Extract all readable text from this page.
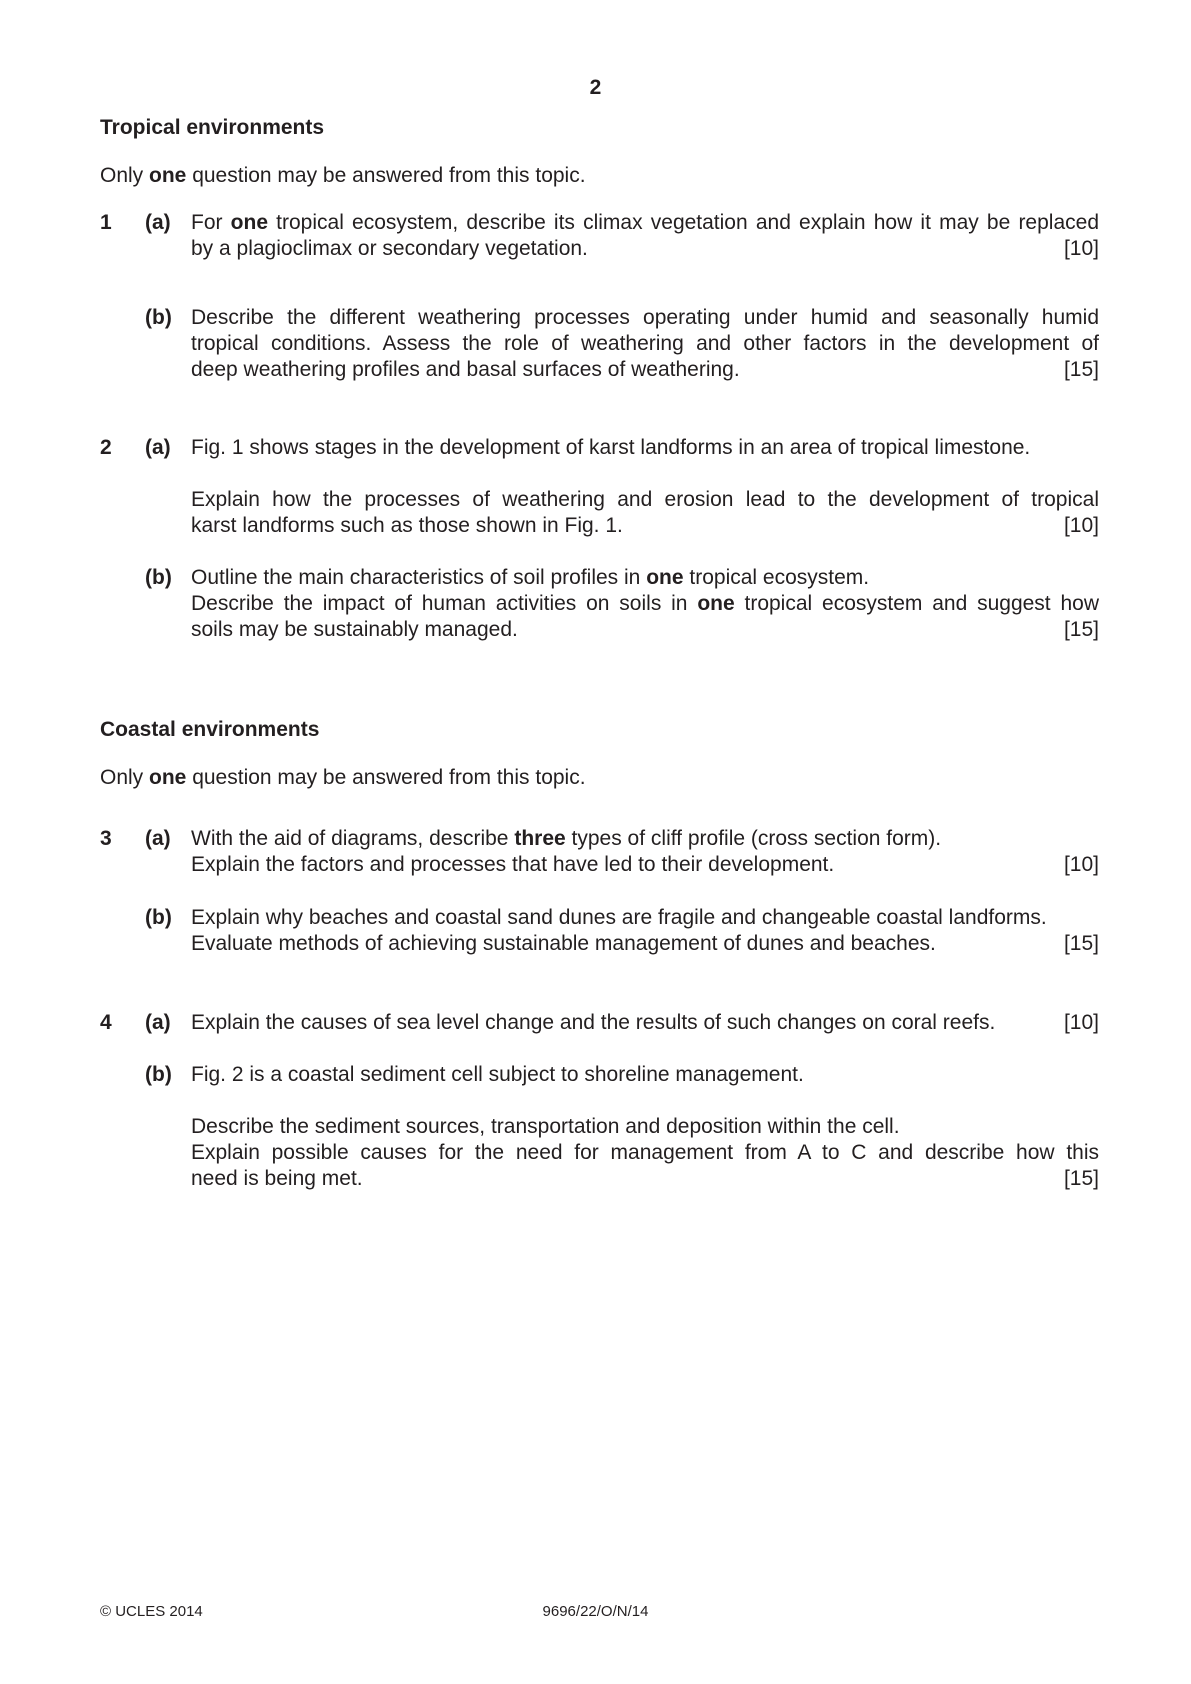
2
Tropical environments
Only one question may be answered from this topic.
1 (a) For one tropical ecosystem, describe its climax vegetation and explain how it may be replaced
by a plagioclimax or secondary vegetation.	[10]
(b) Describe the different weathering processes operating under humid and seasonally humid
tropical conditions. Assess the role of weathering and other factors in the development of
deep weathering profiles and basal surfaces of weathering.	[15]
2 (a) Fig. 1 shows stages in the development of karst landforms in an area of tropical limestone.
Explain how the processes of weathering and erosion lead to the development of tropical
karst landforms such as those shown in Fig. 1.	[10]
(b) Outline the main characteristics of soil profiles in one tropical ecosystem.
Describe the impact of human activities on soils in one tropical ecosystem and suggest how
soils may be sustainably managed.	[15]
Coastal environments
Only one question may be answered from this topic.
3 (a) With the aid of diagrams, describe three types of cliff profile (cross section form).
Explain the factors and processes that have led to their development.	[10]
(b) Explain why beaches and coastal sand dunes are fragile and changeable coastal landforms.
Evaluate methods of achieving sustainable management of dunes and beaches.	[15]
4 (a) Explain the causes of sea level change and the results of such changes on coral reefs.	[10]
(b) Fig. 2 is a coastal sediment cell subject to shoreline management.
Describe the sediment sources, transportation and deposition within the cell.
Explain possible causes for the need for management from A to C and describe how this
need is being met.	[15]
© UCLES 2014	9696/22/O/N/14
